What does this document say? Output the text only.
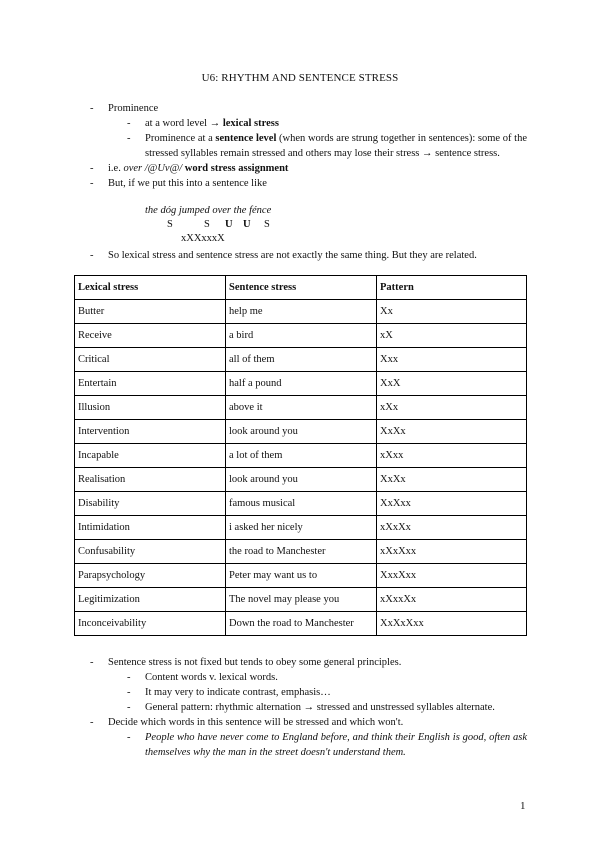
U6: RHYTHM AND SENTENCE STRESS
- Prominence
- at a word level → lexical stress
- Prominence at a sentence level (when words are strung together in sentences): some of the stressed syllables remain stressed and others may lose their stress → sentence stress.
- i.e. over /@Uv@/ word stress assignment
- But, if we put this into a sentence like
the dóg jumped over the fénce
S	S U U S
xXXxxxX
- So lexical stress and sentence stress are not exactly the same thing. But they are related.
Lexical stress	Sentence stress	Pattern
Butter	help me	Xx
Receive	a bird	xX
Critical	all of them	Xxx
Entertain	half a pound	XxX
Illusion	above it	xXx
Intervention	look around you	XxXx
Incapable	a lot of them	xXxx
Realisation	look around you	XxXx
Disability	famous musical	XxXxx
Intimidation	i asked her nicely	xXxXx
Confusability	the road to Manchester	xXxXxx
Parapsychology	Peter may want us to	XxxXxx
Legitimization	The novel may please you	xXxxXx
Inconceivability	Down the road to Manchester	XxXxXxx
- Sentence stress is not fixed but tends to obey some general principles.
- Content words v. lexical words.
- It may very to indicate contrast, emphasis…
- General pattern: rhythmic alternation → stressed and unstressed syllables alternate.
- Decide which words in this sentence will be stressed and which won't.
- People who have never come to England before, and think their English is good, often ask themselves why the man in the street doesn't understand them.
1
